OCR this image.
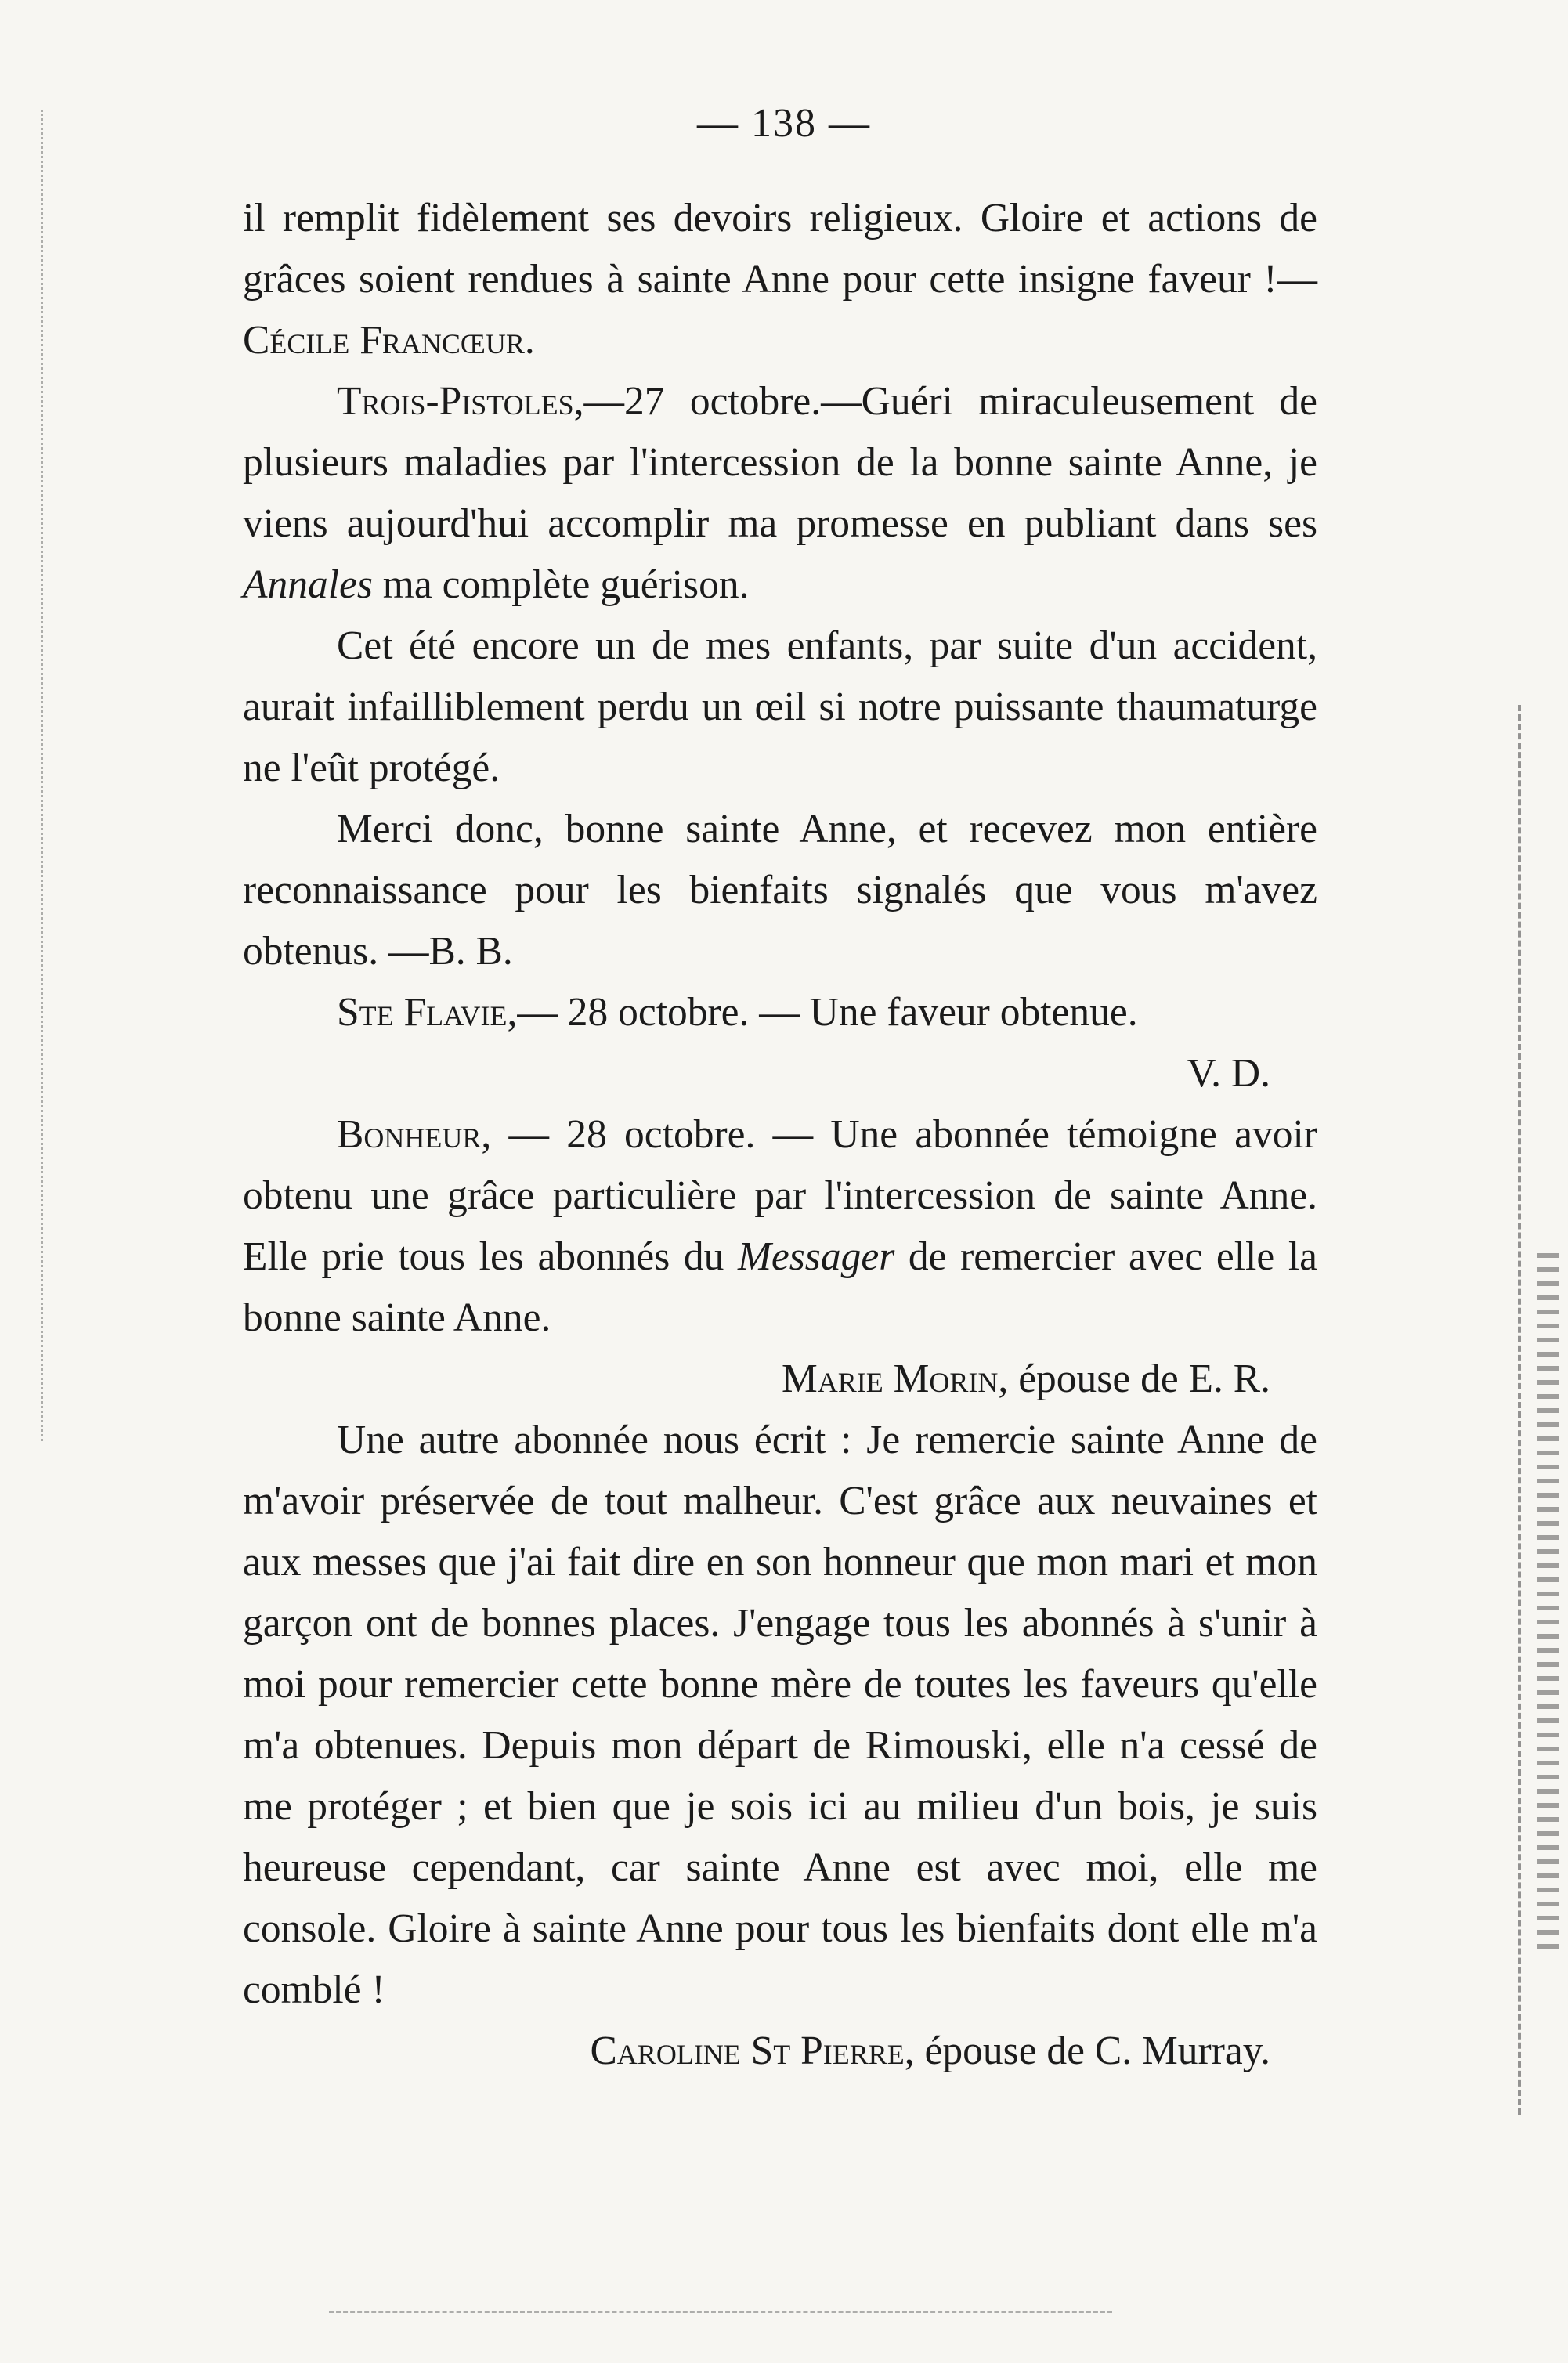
— 138 —

il remplit fidèlement ses devoirs religieux. Gloire et actions de grâces soient rendues à sainte Anne pour cette insigne faveur !—Cécile Francœur.

Trois-Pistoles,—27 octobre.—Guéri miraculeusement de plusieurs maladies par l'intercession de la bonne sainte Anne, je viens aujourd'hui accomplir ma promesse en publiant dans ses Annales ma complète guérison.

Cet été encore un de mes enfants, par suite d'un accident, aurait infailliblement perdu un œil si notre puissante thaumaturge ne l'eût protégé.

Merci donc, bonne sainte Anne, et recevez mon entière reconnaissance pour les bienfaits signalés que vous m'avez obtenus. —B. B.

Ste Flavie,— 28 octobre. — Une faveur obtenue.

V. D.

Bonheur, — 28 octobre. — Une abonnée témoigne avoir obtenu une grâce particulière par l'intercession de sainte Anne. Elle prie tous les abonnés du Messager de remercier avec elle la bonne sainte Anne.

Marie Morin, épouse de E. R.

Une autre abonnée nous écrit : Je remercie sainte Anne de m'avoir préservée de tout malheur. C'est grâce aux neuvaines et aux messes que j'ai fait dire en son honneur que mon mari et mon garçon ont de bonnes places. J'engage tous les abonnés à s'unir à moi pour remercier cette bonne mère de toutes les faveurs qu'elle m'a obtenues. Depuis mon départ de Rimouski, elle n'a cessé de me protéger ; et bien que je sois ici au milieu d'un bois, je suis heureuse cependant, car sainte Anne est avec moi, elle me console. Gloire à sainte Anne pour tous les bienfaits dont elle m'a comblé !

Caroline St Pierre, épouse de C. Murray.
